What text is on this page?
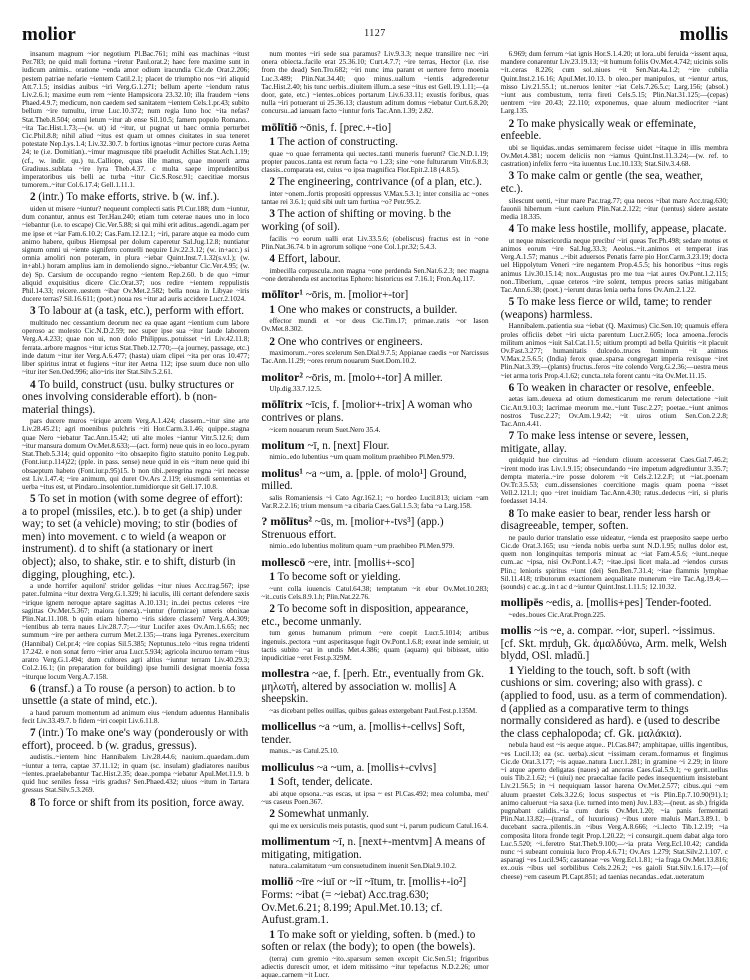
molior	1127	mollis

insanum magnum ~ior negotium Pl.Bac.761; mihi eas machinas ~itust Per.783; ne quid mali fortuna ~iretur Paul.orat.2; haec fere maxime sunt in iudicum animis.. oratione ~enda amor odium iracundia Cic.de Orat.2.206; pestem patriae nefarie ~ientem Catil.2.1; placet de triumpho nos ~iri aliquid Att.7.1.5; insidias auibus ~iri Verg.G.1.271; bellum aperte ~iendum ratus Liv.2.6.1; maxime eum rem ~iente Hampsicora 23.32.10; illa fraudem ~iens Phaed.4.9.7; medicum, non caedem sed sanitatem ~ientem Cels.1.pr.43; subito bellum ~ire tumultu, irrue Luc.10.372; num regia Iuno hoc ~ita nefas? Stat.Theb.8.504; omni letum ~itur ab ense Sil.10.5; famem populo Romano.. ~ita Tac.Hist.1.73;—(w. ut) id ~itur, ut pugnat ut haec omnia perturbet Cic.Phil.8.8; nihil aliud ~itus est quam ut omnes ciuitates in sua teneret potestate Nep.Lys.1.4; Liv.32.30.7. b fortius ignotas ~imur pectore curas Aetna 24; te (i.e. Domitian)..~imur magnusque tibi praeludit Achilles Stat.Ach.1.19; (cf., w. indir. qu.) tu..Calliope, quas ille manus, quae mouerit arma Gradiuus..sublata ~ire lyra Theb.4.37. c multa saepe imprudentibus imperatoribus uis belli ac turba ~itur Cic.S.Rosc.91; caecitiae morsus tumorem..~itur Col.6.17.4; Gell.1.11.1.

2 (intr.) To make efforts, strive. b (w. inf.).

uiden ut misere ~iuntur? nequeunt complecti satis Pl.Cur.188; dum ~iuntur, dum conantur, annus est Ter.Hau.240; etiam tum ceterae naues uno in loco ~iebantur (i.e. to escape) Cic.Ver.5.88; si qui mihi erit aditus..agendi..agam per me ipse et ~iar Fam.6.10.2; Cas.Fam.12.12.1; ~iri, parare atque ea modo cum animo habere, quibus Hiempsal per dolum caperetur Sal.Jug.12.8; nuntiatur signum omni ui ~iente signifero conuelli nequire Liv.22.3.12; (w. in+acc.) si omnia amoliri non poteram, in plura ~iebar Quint.Inst.7.1.32(s.v.l.); (w. in+abl.) horam amplius iam in demoliendo signo..~iebantur Cic.Ver.4.95; (w. de) Sp. Carsium de occupando regno ~ientem Rep.2.60. b de quo ~imur aliquid exquisitius dicere Cic.Orat.37; uos redire ~ientem reppulistis Phil.14.33; reicere..uestem ~ibar Ov.Met.2.582; bella noua in Libyae ~iris ducere terras? Sil.16.611; (poet.) noua res ~itur ad auris accidere Lucr.2.1024.

3 To labour at (a task, etc.), perform with effort.

multitudo nec cessantium deorum nec ea quae agant ~ientium cum labore operoso ac molesto Cic.N.D.2.59; nec super ipse sua ~itur laude laborem Verg.A.4.233; quae non ui, non dolo Philippus..potuisset ~iri Liv.42.11.8; ferrata..arbore magnos ~itur ictus Stat.Theb.12.770;—(a journey, passage, etc.) inde datum ~itur iter Verg.A.6.477; (hasta) uiam clipei ~ita per oras 10.477; liber spiritus intrat et fugiens ~itur iter Aetna 112; ipse suum duce non ullo ~itur iter Sen.Oed.996; alio~iris iter Stat.Silv.5.2.61.

4 To build, construct (usu. bulky structures or ones involving considerable effort). b (non-material things).

pars ducere muros ~irique arcem Verg.A.1.424; classem..~itur sine arte Liv.28.45.21; agri moenibus pulchris ~iti Hor.Carm.3.1.46; quippe..stagna quae Nero ~iebatur Tac.Ann.15.42; uti alte moles ~iantur Vitr.5.12.6; dum ~itur mansura domum Ov.Met.8.633;—(act. form) neue quis in eo loco..pyram Stat.Theb.5.314; quid opponito ~ito obsaepito figito statuito ponito Leg.pub.(Font.iur.p.114)22; (pple. in pass. sense) neue quid in eis ~itum neue quid ibi obsaeptum habeto (Font.iur.p.95)15. b non tibi..peregrina regna ~iri necesse est Liv.1.47.4; ~ire animum, qui duret Ov.Ars 2.119; eiusmodi sententias et uerba ~itus est, ut Pindaro..insolentior..tumidiorque sit Gell.17.10.8.

5 To set in motion (with some degree of effort): a to propel (missiles, etc.). b to get (a ship) under way; to set (a vehicle) moving; to stir (bodies of men) into movement. c to wield (a weapon or instrument). d to shift (a stationary or inert object); also, to shake, stir. e to shift, disturb (in digging, ploughing, etc.).

a unde horrifer aquiloni' stridor gelidas ~itur niues Acc.trag.567; ipse pater..fulmina ~itur dextra Verg.G.1.329; hi iaculis, illi certant defendere saxis ~irique ignem neroque aptare sagittas A.10.131; in..dei pectus celeres ~ire sagittas Ov.Met.5.367; maiora (onera)..~iuntur (formicae) umeris obnixae Plin.Nat.11.108. b quin etiam hiberno ~iris sidere classem? Verg.A.4.309; ~ientibus ab terra naues Liv.28.7.7;—~itur Lucifer axes Ov.Am.1.6.65; nec summum ~ire per aethera currum Met.2.135;—trans iuga Pyrenes..exercitum (Hannibal) Cel.pr.4; ~ire copias Sil.5.385; Neptunus..telo ~itus regna tridenti 17.242. e non sonat ferro ~irier arua Lucr.5.934; agricola incuruo terram ~itus aratro Verg.G.1.494; dum cultores agri altius ~iuntur terram Liv.40.29.3; Col.2.16.1; (in preparation for building) ipse humili designat moenia fossa ~iturque locum Verg.A.7.158.

6 (transf.) a To rouse (a person) to action. b to unsettle (a state of mind, etc.).

a haud paruum momentum ad animum eius ~iendum aduentus Hannibalis fecit Liv.33.49.7. b fidem ~iri coepit Liv.6.11.8.

7 (intr.) To make one's way (ponderously or with effort), proceed. b (w. gradus, gressus).

audistis..~ientem hinc Hannibalem Liv.28.44.6; nauium..quaedam..dum ~iuntur a terra, captae 37.11.12; in quam (sc. insulam) gladiatores nauibus ~ientes..praelabebantur Tac.Hist.2.35; deae..pompa ~iebatur Apul.Met.11.9. b quid huc seniles fessa ~iris gradus? Sen.Phaed.432; uiuos ~itum in Tartara gressus Stat.Silv.5.3.269.

8 To force or shift from its position, force away.

num montes ~iri sede sua paramus? Liv.9.3.3; neque transilire nec ~iri onera obiecta..facile erat 25.36.10; Curt.4.7.7; ~ire terras, Hector (i.e. rise from the dead) Sen.Tro.682; ~iri nunc ima parant et uertere ferro moenia Luc.3.489; Plin.Nat.34.40; quo minus..uallum ~ientis adgrederetur Tac.Hist.2.40; his tunc uerbis..diuitem illum..a sese ~itus est Gell.19.1.11;—(a door, gate, etc.) ~ientes..obices portarum Liv.6.33.11; exustis foribus, quas nulla ~iri potuerant ui 25.36.13; claustum aditum domus ~iebatur Curt.6.8.20; concursu..ad ianuam facto ~iuntur foris Tac.Ann.1.39; 2.82.

mōlītiō ~ōnis, f. [prec.+-tio]

1 The action of constructing.

quae ~o quae ferramenta qui uectes..tanti muneris fuerunt? Cic.N.D.1.19; propter paucos..tanta est rerum facta ~o 1.23; sine ~one fulturarum Vitr.6.8.3; classis..comparata est, cuius ~o ipsa magnifica Flor.Epit.2.18 (4.8.5).

2 The engineering, contrivance (of a plan, etc.).

inter ~onem..fortis propositi oppressus V.Max.5.3.1; inter consilia ac ~ones tantae rei 3.6.1; quid sibi uult tam furtiua ~o? Petr.95.2.

3 The action of shifting or moving. b the working (of soil).

facilis ~o eorum ualli erat Liv.33.5.6; (obeliscus) fractus est in ~one Plin.Nat.36.74. b in agrorum solique ~one Col.1.pr.32; 5.4.3.

4 Effort, labour.

imbecilla corpuscula..non magna ~one perdenda Sen.Nat.6.2.3; nec magna ~one detrahenda est auctoritas Ephoro: historicus est 7.16.1; Fron.Aq.117.

mōlītor¹ ~ōris, m. [molior+-tor]

1 One who makes or constructs, a builder.

effector mundi et ~or deus Cic.Tim.17; primae..ratis ~or Iason Ov.Met.8.302.

2 One who contrives or engineers.

maximorum..~ores scelerum Sen.Dial.9.7.5; Appianae caedis ~or Narcissus Tac.Ann.11.29; ~ores rerum nouarum Suet.Dom.10.2.

molitor² ~ōris, m. [molo+-tor] A miller.

Ulp.dig.33.7.12.5.

mōlītrix ~īcis, f. [molior+-trix] A woman who contrives or plans.

~icem nouarum rerum Suet.Nero 35.4.

molitum ~ī, n. [next] Flour.

nimio..edo lubentius ~um quam molitum praehibeo Pl.Men.979.

molitus¹ ~a ~um, a. [pple. of molo¹] Ground, milled.

salis Romaniensis ~i Cato Agr.162.1; ~o hordeo Lucil.813; uiciam ~am Var.R.2.2.16; trium mensum ~a cibaria Caes.Gal.1.5.3; faba ~a Larg.158.

? mōlītus² ~ūs, m. [molior+-tvs³] (app.) Strenuous effort.

nimio..edo lubentius molitum quam ~um praehibeo Pl.Men.979.

mollescō ~ere, intr. [mollis+-sco]

1 To become soft or yielding.

~unt colla iuuencis Catul.64.38; temptatum ~it ebur Ov.Met.10.283; ~it..cutis Cels.8.9.1.h; Plin.Nat.22.76.

2 To become soft in disposition, appearance, etc., become unmanly.

tum genus humanum primum ~ere coepit Lucr.5.1014; artibus ingenuis..pectora ~unt asperitasque fugit Ov.Pont.1.6.8; exeat inde semiuir, ut tactis subito ~at in undis Met.4.386; quam (aquam) qui bibisset, uitio inpudicitiae ~eret Fest.p.329M.

mollestra ~ae, f. [perh. Etr., eventually from Gk. μηλωτή, altered by association w. mollis] A sheepskin.

~as dicebant pelles ouillas, quibus galeas extergebant Paul.Fest.p.135M.

mollicellus ~a ~um, a. [mollis+-cellvs] Soft, tender.

manus..~as Catul.25.10.

molliculus ~a ~um, a. [mollis+-cvlvs]

1 Soft, tender, delicate.

abi atque opsona..~as escas, ut ipsa ~ est Pl.Cas.492; mea columba, meu' ~us caseus Poen.367.

2 Somewhat unmanly.

qui me ex uersiculis meis putastis, quod sunt ~i, parum pudicum Catul.16.4.

mollimentum ~ī, n. [next+-mentvm] A means of mitigating, mitigation.

natura..calamitatum ~um consuetudinem inuenit Sen.Dial.9.10.2.

molliō ~īre ~iuī or ~iī ~ītum, tr. [mollis+-io²] Forms: ~ibat (= ~iebat) Acc.trag.630; Ov.Met.6.21; 8.199; Apul.Met.10.13; cf. Aufust.gram.1.

1 To make soft or yielding, soften. b (med.) to soften or relax (the body); to open (the bowels).

(terra) cum gremio ~ito..sparsum semen excepit Cic.Sen.51; frigoribus adiectis durescit umor, et idem mitissimo ~itur tepefactus N.D.2.26; umor aquae..carnem ~it Lucr.

6.969; dum ferrum ~iat ignis Hor.S.1.4.20; ut lora..ubi feruida ~issent aqua, mandere conarentur Liv.23.19.13; ~it humum foliis Ov.Met.4.742; uicinis solis ~it..ceras 8.226; cum sol..niues ~it Sen.Nat.4a.1.2; ~ire cubilia Quint.Inst.2.16.16; Apul.Met.10.13. b oleo..per manipulos, ut ~ientur artus, misso Liv.21.55.1; ut..neruos leniter ~iat Cels.7.26.5.c; Larg.156; (absol.) ~iunt aus combustum, terra fireti Cels.5.15; Plin.Nat.31.125;—(cepas) uentrem ~ire 20.43; 22.110; exponemus, quae aluum mediocriter ~iant Larg.135.

2 To make physically weak or effeminate, enfeeble.

ubi se liquidas..undas semimarem fecisse uidet ~itaque in illis membra Ov.Met.4.381; uocem deliciis non ~iamus Quint.Inst.11.3.24;—(w. ref. to castration) infelix ferro ~ita iuuentus Luc.10.133; Stat.Silv.3.4.68.

3 To make calm or gentle (the sea, weather, etc.).

silescunt uenti, ~itur mare Pac.trag.77; qua necos ~ibat mare Acc.trag.630; fauonii hibernum ~iunt caelum Plin.Nat.2.122; ~itur (uentus) sidere aestate media 18.335.

4 To make less hostile, mollify, appease, placate.

ut neque misericordia neque precibu' ~iri queas Ter.Ph.498; sedare motus et animos eorum ~ire Sal.Jug.33.3; Aeolus..~it..animos et temperat iras Verg.A.1.57; manus ..~ibit aduersos Penatis farre pio Hor.Carm.3.23.19; docta uel Hippolytum Veneri ~ire negantem Prop.4.5.5; his honoribus ~itus regis animus Liv.30.15.14; nox..Augustas pro me tua ~iat aures Ov.Pont.1.2.115; non..Tiberium, ..quae ceteros ~ire solent, tempus preces satias mitigabant Tac.Ann.6.38; (poet.) ~ierunt duras lenia uerba fores Ov.Am.2.1.22.

5 To make less fierce or wild, tame; to render (weapons) harmless.

Hannibalem..patientia sua ~iebat (Q. Maximus) Cic.Sen.10; quamuis effera proles officiis debet ~iri uicta parentum Lucr.2.605; loca amoena..ferocis militum animos ~iuit Sal.Cat.11.5; uitium prompti ad bella Quiritis ~it placuit Ov.Fast.3.277; humanitatis dulcedo..truces hominum ~it animos V.Max.2.5.6.5; (India) ferox quae..sparsa congregatt imperia rexisque ~iret Plin.Nat.3.39;—(plants) fructus..feros ~ite colendo Verg.G.2.36;—uestra meus ~iet arma toris Prop.4.1.62; cuncta..tela forent cantu ~ita Ov.Met.11.15.

6 To weaken in character or resolve, enfeeble.

aetas iam..deuexa ad otium domesticarum me rerum delectatione ~iuit Cic.Att.9.10.3; lacrimae meorum me..~iunt Tusc.2.27; poetae..~iunt animos nostros Tusc.2.27; Ov.Am.1.9.42; ~it uiros otium Sen.Con.2.2.8; Tac.Ann.4.41.

7 To make less intense or severe, lessen, mitigate, allay.

quidquid hue circuitus ad ~iendum cliuum accesserat Caes.Gal.7.46.2; ~irent modo iras Liv.1.9.15; obsecundando ~ire impetum adgrediuntur 3.35.7; dempta materia..~ire posse dolorem ~it Cels.2.12.2.F; ut ~iat..poenam Ov.Tr.3.5.53; cum..dissensiones coercitione magis quam poena ~isset Vell.2.121.1; quo ~iret inuidiam Tac.Ann.4.30; ratus..dedecus ~iri, si pluris foedasset 14.14.

8 To make easier to bear, render less harsh or disagreeable, temper, soften.

ne paulo durior translatio esse uideatur, ~ienda est praeposito saepe uerbo Cic.de Orat.3.165; usu ~ienda nobis uerba sunt N.D.1.95; nullus dolor est, quem non longinquitas temporis minuat ac ~iat Fam.4.5.6; ~iunt..neque cum..ac ~ipsa, nisi Ov.Pont.1.4.7; ~itae..ipsi licet mala..ad ~iendos cursus Plin.; lenioris spiritus ~iunt (dei) Sen.Ben.7.31.4; ~itae flammis lymphae Sil.11.418; tributorum exactionem aequalitate munerum ~ire Tac.Ag.19.4;—(sounds) c ac..g..in t ac d ~iuntur Quint.Inst.1.11.5; 12.10.32.

mollipēs ~edis, a. [mollis+pes] Tender-footed.

~edes..boues Cic.Arat.Progn.225.

mollis ~is ~e, a. compar. ~ior, superl. ~issimus. [cf. Skt. mṛduḥ, Gk. ἀμαλδύνω, Arm. melk, Welsh blydd, OSl. mladŭ.]

1 Yielding to the touch, soft. b soft (with cushions or sim. covering; also with grass). c (applied to food, usu. as a term of commendation). d (applied as a comparative term to things normally considered as hard). e (used to describe the class cephalopoda; cf. Gk. μαλάκια).

nebula haud est ~is aeque atque.. Pl.Cas.847; amphitapae, uillis ingentibus, ~es Lucil.13; ea (sc. uerba)..sicut ~issimam ceram..formamus et fingimus Cic.de Orat.3.177; ~is aquae..natura Lucr.1.281; in gramine ~i 2.29; in litore ~i atque aperto deligatas (naues) ad ancoras Caes.Gal.5.9.1; ~e gerit..uellus ouis Tib.2.1.62; ~i (uiui) nec praecaltae facile pedes insequentium insistebant Liv.21.56.5; in ~i nequiquam lassor harena Ov.Met.2.577; cibus..qui ~em aluum praestet Cels.3.22.6; locus suspectus et ~is Plin.Ep.7.10.90(91).1; animo calueruut ~ia saxa (i.e. turned into men) Juv.1.83;—(neut. as sb.) frigida pugnabant calidis..~ia cum duris Ov.Met.1.20; ~ia panis fermentati Plin.Nat.13.82;—(transf., of luxurious) ~ibus utere maluis Mart.3.89.1. b ducebant sacra..pilentis..in ~ibus Verg.A.8.666; ~i..lecto Tib.1.2.19; ~ia composita litora fronde tegit Prop.1.20.22; ~i consurgit..quem dabat alga toro Luc.5.520; ~i..feretro Stat.Theb.9.100;—~ia prata Verg.Ecl.10.42; candida nunc ~i subeant conuiuia luco Prop.4.6.71; Ov.Ars 1.279; Stat.Silv.2.1.107. c asparagi ~es Lucil.945; castaneae ~es Verg.Ecl.1.81; ~ia fraga Ov.Met.13.816; ex..ouis ~ibus uel sorbilibus Cels.2.26.2; ~es gaioli Stat.Silv.1.6.17;—(of cheese) ~em caseum Pl.Capt.851; ad taenias necandas..edat..ueteratum
